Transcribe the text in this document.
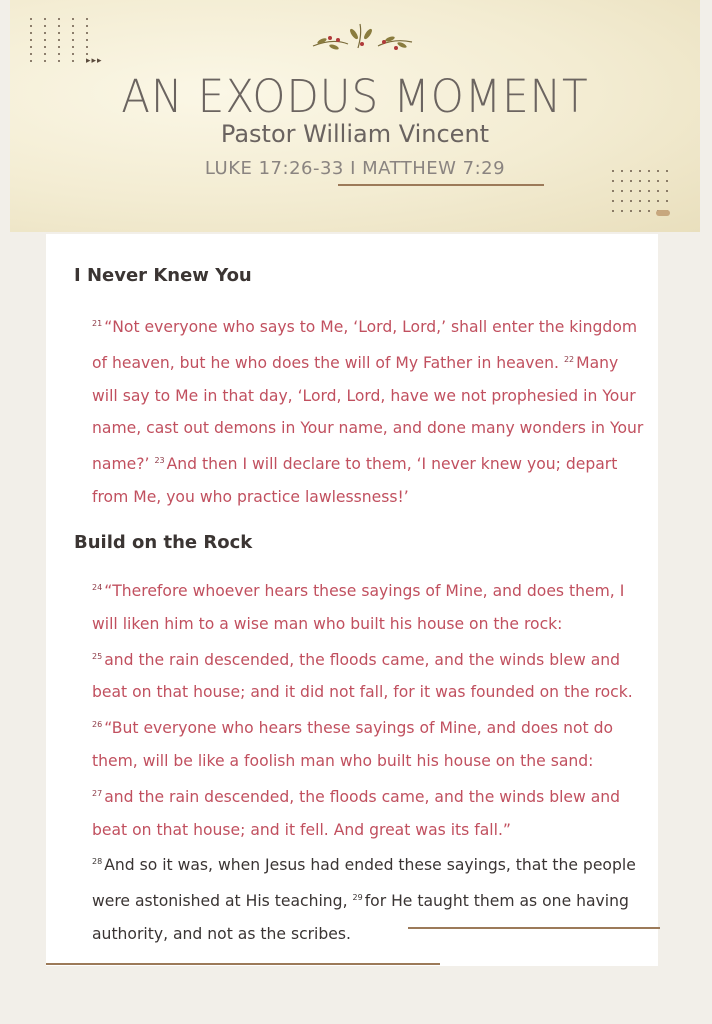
▸▸▸
AN EXODUS MOMENT
Pastor William Vincent
LUKE 17:26-33 I MATTHEW 7:29
I Never Knew You

$^{21}$ “Not everyone who says to Me, ‘Lord, Lord,’ shall enter the kingdom of heaven, but he who does the will of My Father in heaven. $^{22}$ Many will say to Me in that day, ‘Lord, Lord, have we not prophesied in Your name, cast out demons in Your name, and done many wonders in Your name?’ $^{23}$ And then I will declare to them, ‘I never knew you; depart from Me, you who practice lawlessness!’

Build on the Rock

$^{24}$ “Therefore whoever hears these sayings of Mine, and does them, I will liken him to a wise man who built his house on the rock:
$^{25}$ and the rain descended, the floods came, and the winds blew and beat on that house; and it did not fall, for it was founded on the rock.

$^{26}$ “But everyone who hears these sayings of Mine, and does not do them, will be like a foolish man who built his house on the sand:
$^{27}$ and the rain descended, the floods came, and the winds blew and beat on that house; and it fell. And great was its fall.”

$^{28}$ And so it was, when Jesus had ended these sayings, that the people were astonished at His teaching, $^{29}$ for He taught them as one having authority, and not as the scribes.
